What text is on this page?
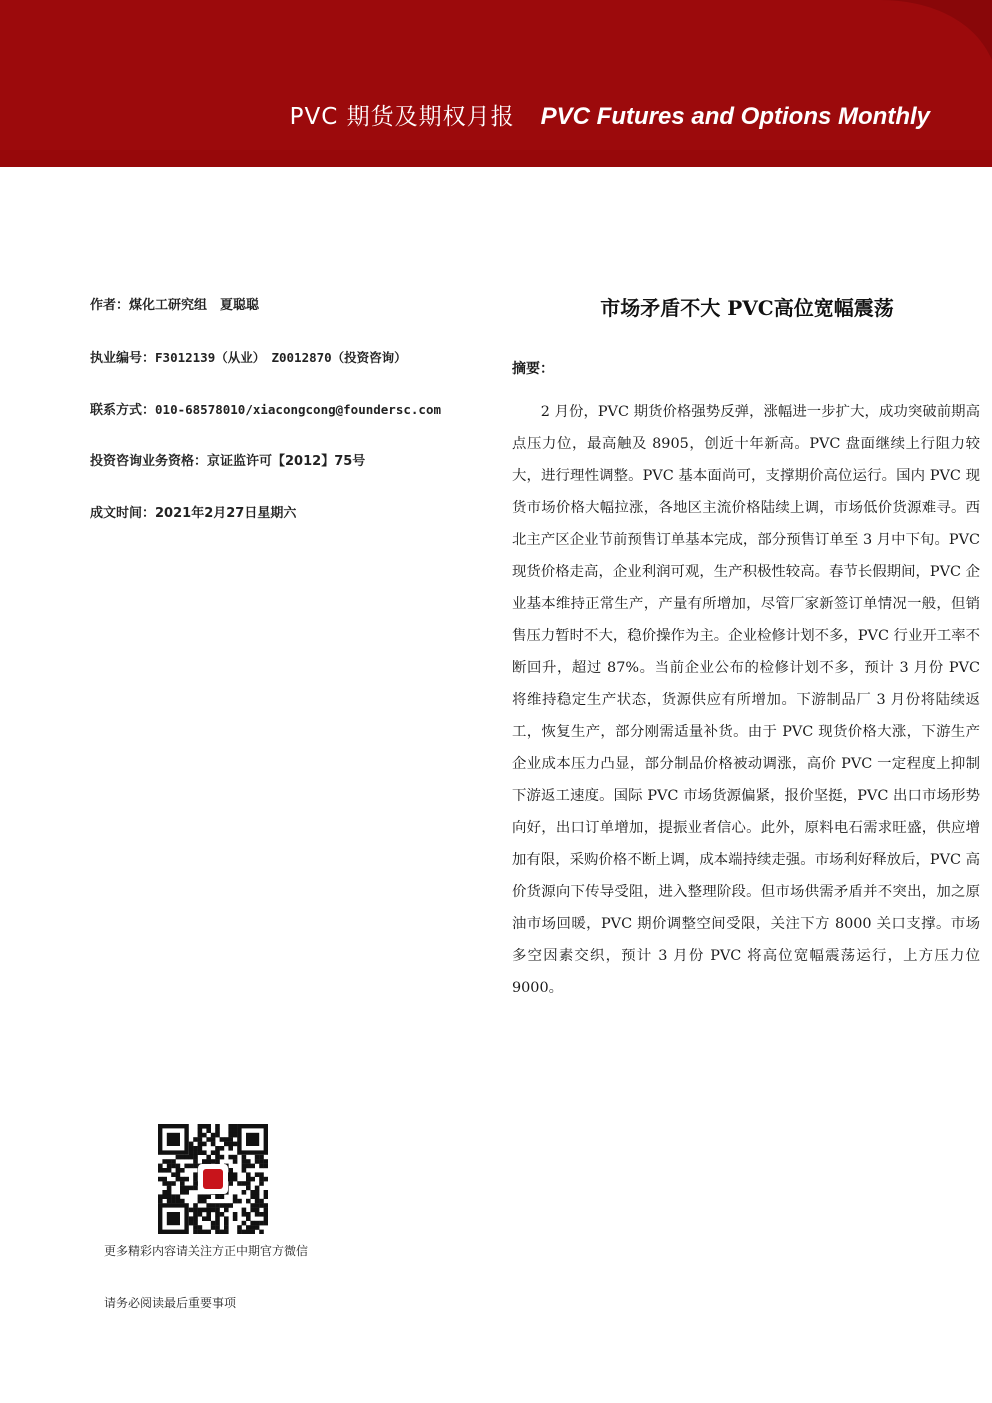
PVC 期货及期权月报 PVC Futures and Options Monthly
作者：煤化工研究组　夏聪聪
执业编号：F3012139（从业）　Z0012870（投资咨询）
联系方式：010-68578010/xiacongcong@foundersc.com
投资咨询业务资格：京证监许可【2012】75号
成文时间：2021年2月27日星期六
市场矛盾不大 PVC高位宽幅震荡
摘要：
2 月份，PVC 期货价格强势反弹，涨幅进一步扩大，成功突破前期高点压力位，最高触及 8905，创近十年新高。PVC 盘面继续上行阻力较大，进行理性调整。PVC 基本面尚可，支撑期价高位运行。国内 PVC 现货市场价格大幅拉涨，各地区主流价格陆续上调，市场低价货源难寻。西北主产区企业节前预售订单基本完成，部分预售订单至 3 月中下旬。PVC 现货价格走高，企业利润可观，生产积极性较高。春节长假期间，PVC 企业基本维持正常生产，产量有所增加，尽管厂家新签订单情况一般，但销售压力暂时不大，稳价操作为主。企业检修计划不多，PVC 行业开工率不断回升，超过 87%。当前企业公布的检修计划不多，预计 3 月份 PVC 将维持稳定生产状态，货源供应有所增加。下游制品厂 3 月份将陆续返工，恢复生产，部分刚需适量补货。由于 PVC 现货价格大涨，下游生产企业成本压力凸显，部分制品价格被动调涨，高价 PVC 一定程度上抑制下游返工速度。国际 PVC 市场货源偏紧，报价坚挺，PVC 出口市场形势向好，出口订单增加，提振业者信心。此外，原料电石需求旺盛，供应增加有限，采购价格不断上调，成本端持续走强。市场利好释放后，PVC 高价货源向下传导受阻，进入整理阶段。但市场供需矛盾并不突出，加之原油市场回暖，PVC 期价调整空间受限，关注下方 8000 关口支撑。市场多空因素交织，预计 3 月份 PVC 将高位宽幅震荡运行，上方压力位 9000。
更多精彩内容请关注方正中期官方微信
请务必阅读最后重要事项
